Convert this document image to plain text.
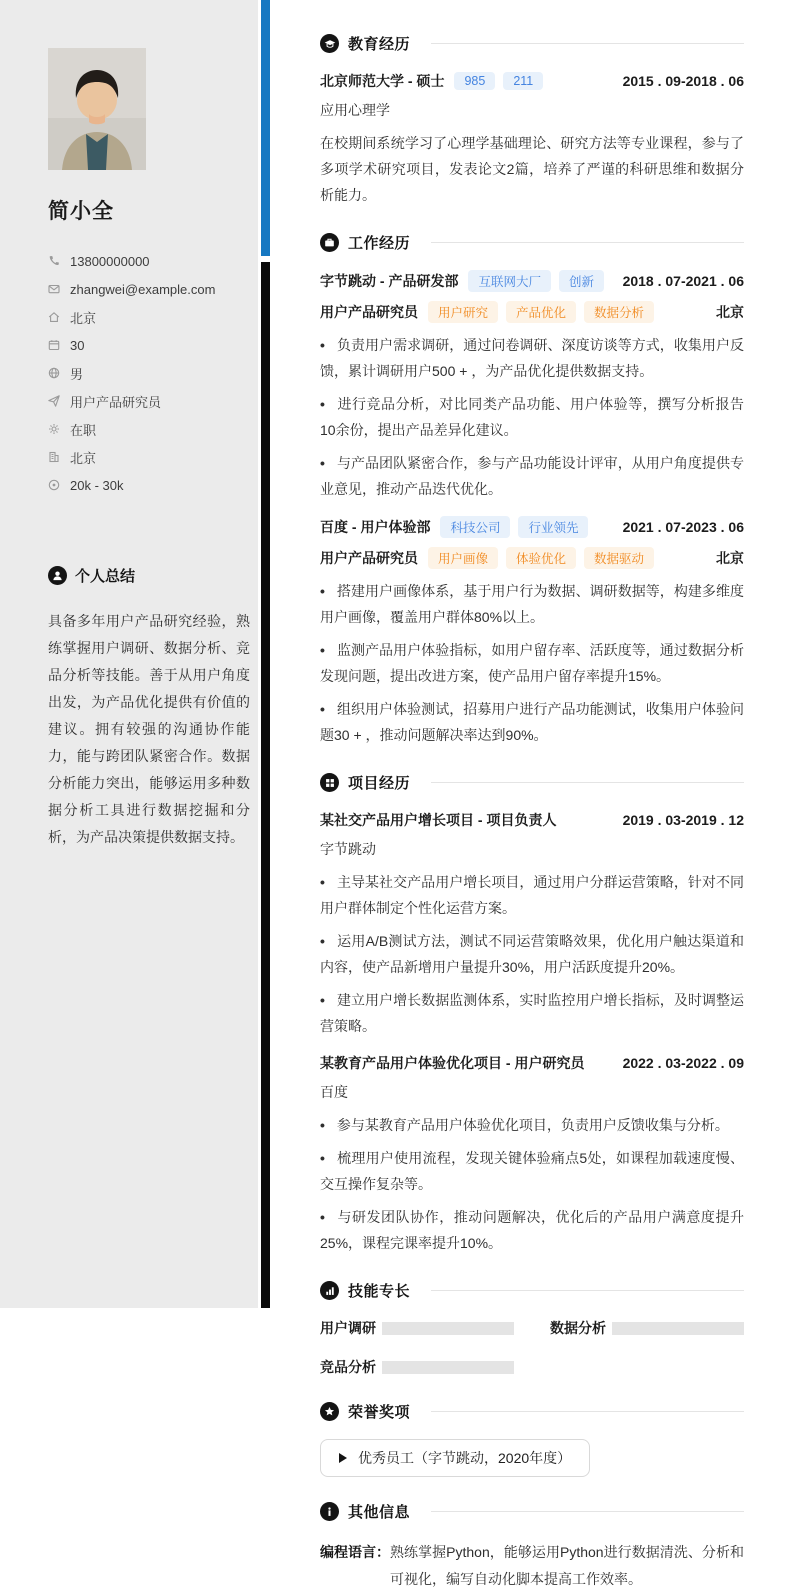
简小全
13800000000
zhangwei@example.com
北京
30
男
用户产品研究员
在职
北京
20k - 30k
个人总结
具备多年用户产品研究经验，熟练掌握用户调研、数据分析、竞品分析等技能。善于从用户角度出发，为产品优化提供有价值的建议。拥有较强的沟通协作能力，能与跨团队紧密合作。数据分析能力突出，能够运用多种数据分析工具进行数据挖掘和分析，为产品决策提供数据支持。
教育经历
北京师范大学 - 硕士	985	211	2015 . 09-2018 . 06
应用心理学
在校期间系统学习了心理学基础理论、研究方法等专业课程，参与了多项学术研究项目，发表论文2篇，培养了严谨的科研思维和数据分析能力。
工作经历
字节跳动 - 产品研发部	互联网大厂	创新	2018 . 07-2021 . 06
用户产品研究员	用户研究	产品优化	数据分析	北京
• 负责用户需求调研，通过问卷调研、深度访谈等方式，收集用户反馈，累计调研用户500 + ，为产品优化提供数据支持。
• 进行竞品分析，对比同类产品功能、用户体验等，撰写分析报告10余份，提出产品差异化建议。
• 与产品团队紧密合作，参与产品功能设计评审，从用户角度提供专业意见，推动产品迭代优化。
百度 - 用户体验部	科技公司	行业领先	2021 . 07-2023 . 06
用户产品研究员	用户画像	体验优化	数据驱动	北京
• 搭建用户画像体系，基于用户行为数据、调研数据等，构建多维度用户画像，覆盖用户群体80%以上。
• 监测产品用户体验指标，如用户留存率、活跃度等，通过数据分析发现问题，提出改进方案，使产品用户留存率提升15%。
• 组织用户体验测试，招募用户进行产品功能测试，收集用户体验问题30 + ，推动问题解决率达到90%。
项目经历
某社交产品用户增长项目 - 项目负责人	2019 . 03-2019 . 12
字节跳动
• 主导某社交产品用户增长项目，通过用户分群运营策略，针对不同用户群体制定个性化运营方案。
• 运用A/B测试方法，测试不同运营策略效果，优化用户触达渠道和内容，使产品新增用户量提升30%，用户活跃度提升20%。
• 建立用户增长数据监测体系，实时监控用户增长指标，及时调整运营策略。
某教育产品用户体验优化项目 - 用户研究员	2022 . 03-2022 . 09
百度
• 参与某教育产品用户体验优化项目，负责用户反馈收集与分析。
• 梳理用户使用流程，发现关键体验痛点5处，如课程加载速度慢、交互操作复杂等。
• 与研发团队协作，推动问题解决，优化后的产品用户满意度提升25%，课程完课率提升10%。
技能专长
用户调研	数据分析
竞品分析
荣誉奖项
优秀员工（字节跳动，2020年度）
其他信息
编程语言： 熟练掌握Python，能够运用Python进行数据清洗、分析和可视化，编写自动化脚本提高工作效率。
